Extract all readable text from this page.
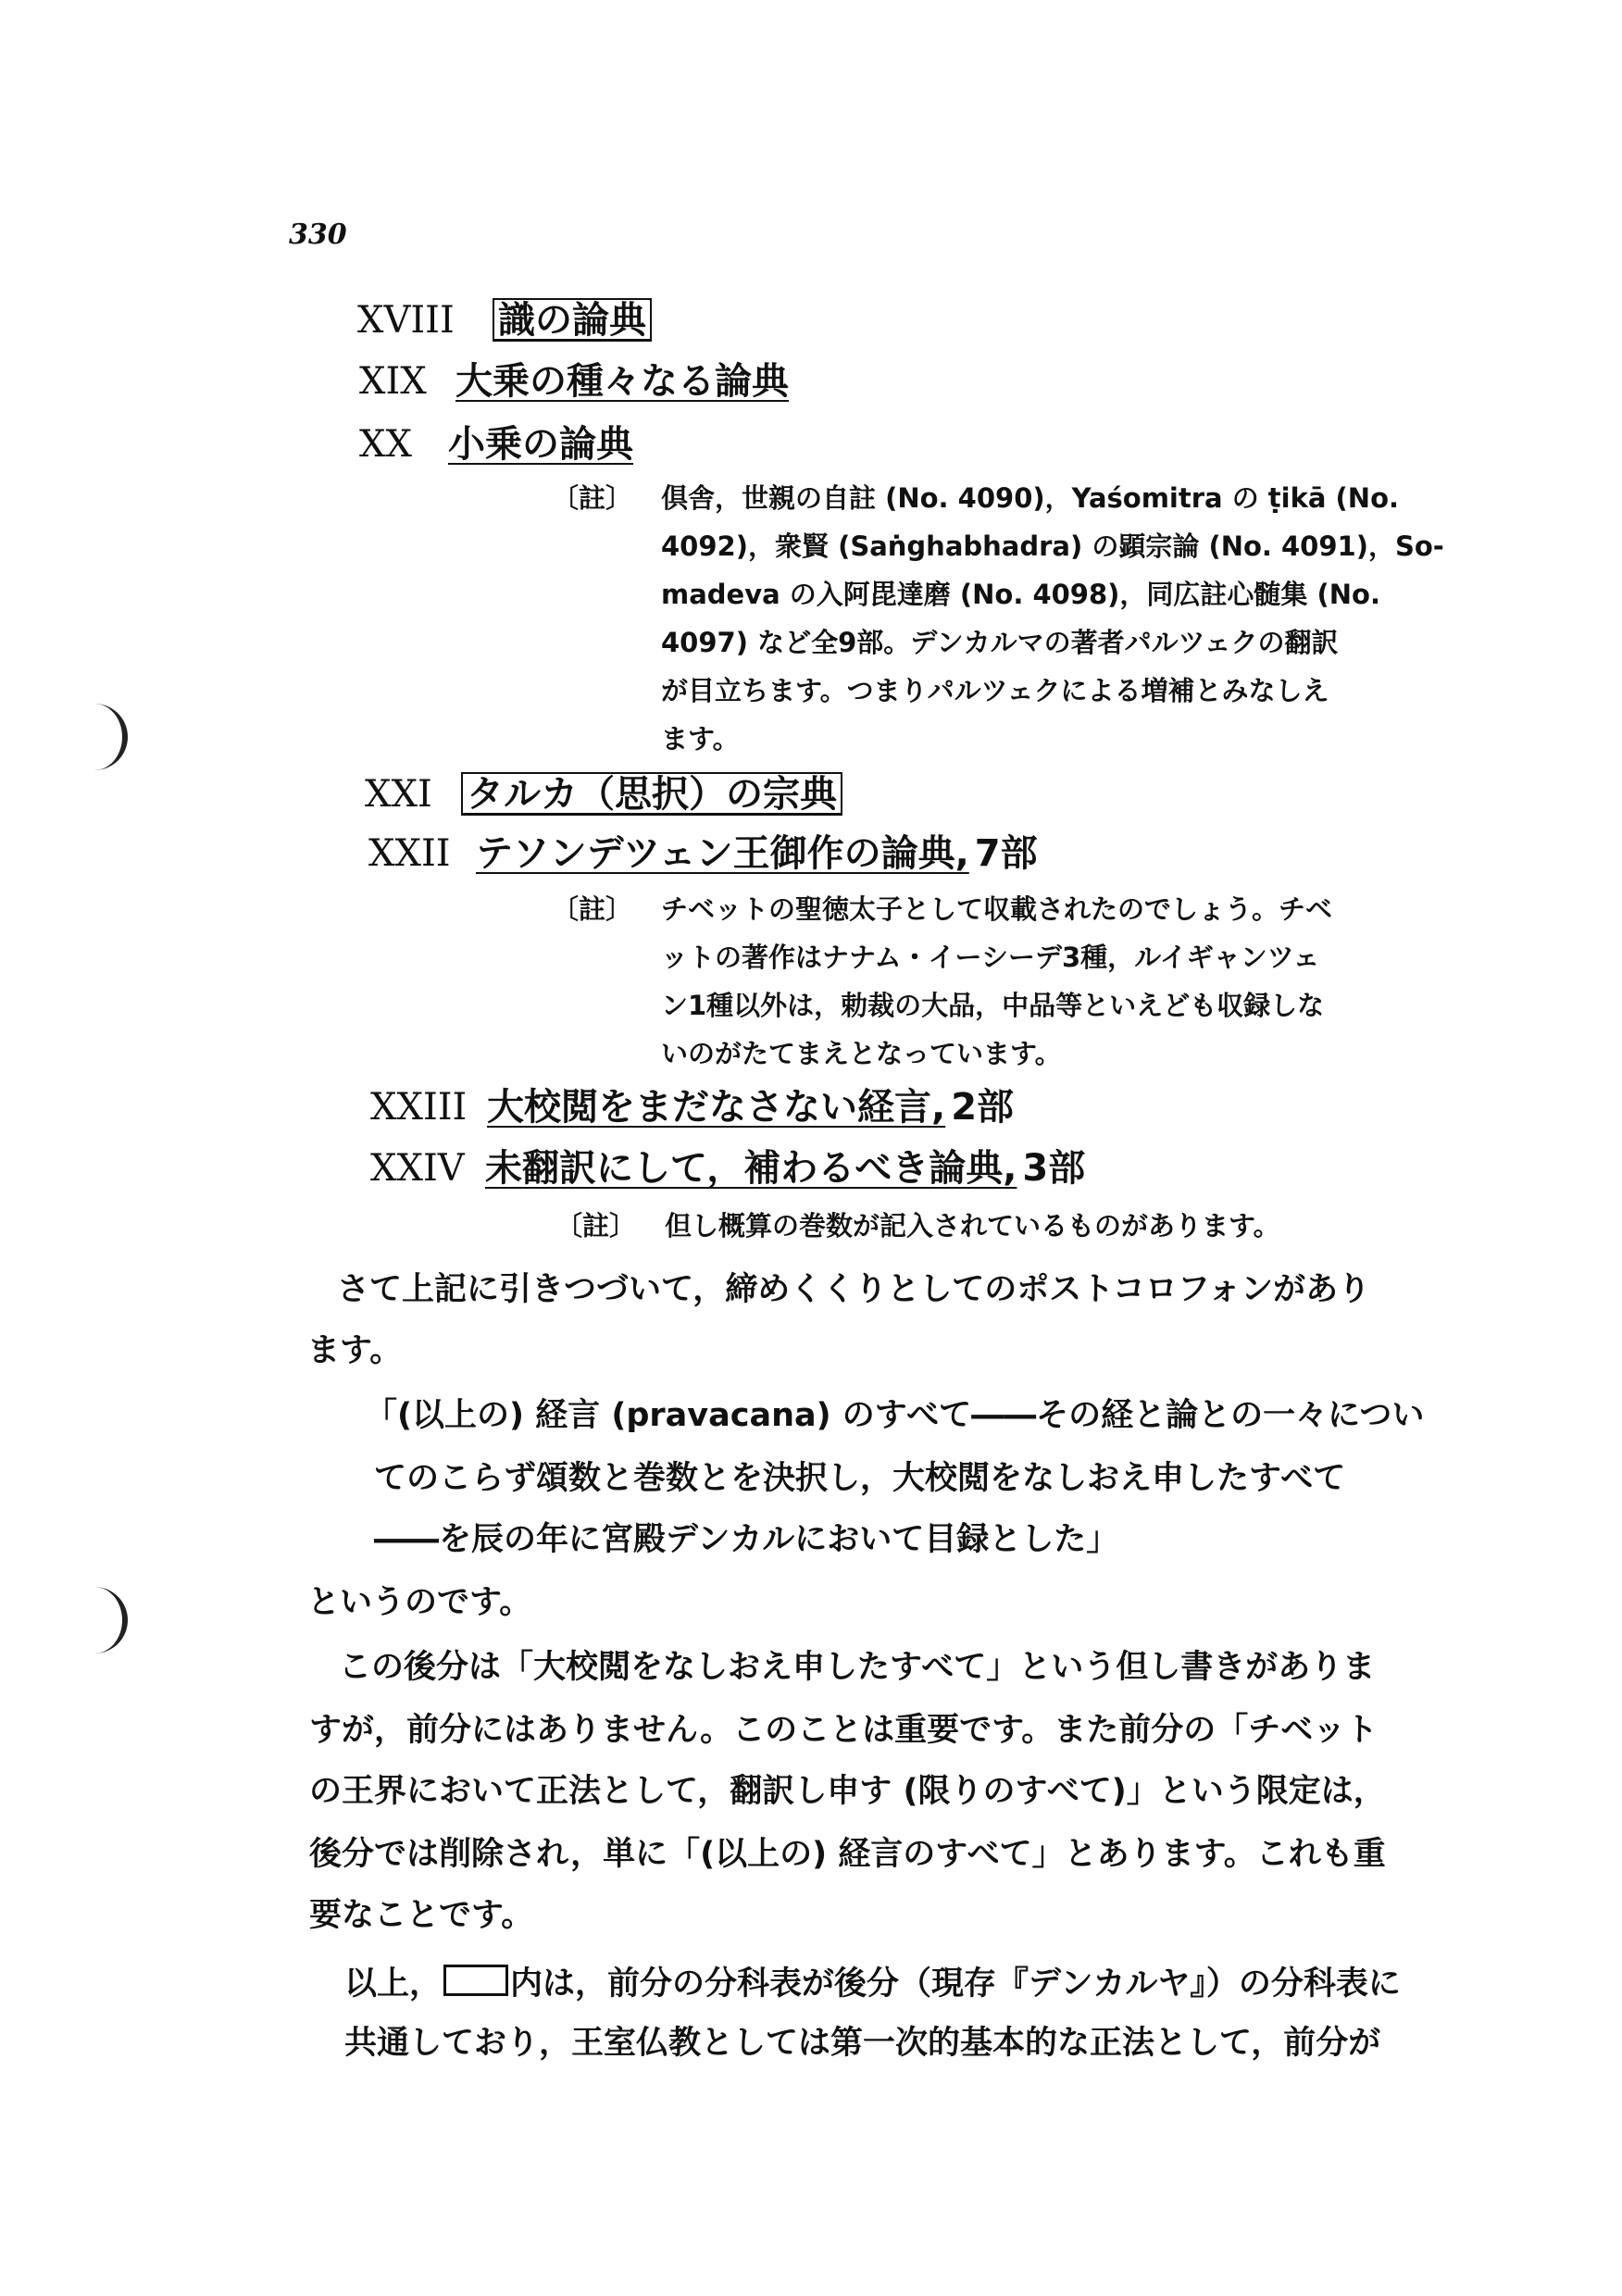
330
XVIII 識の論典
XIX 大乗の種々なる論典
XX 小乗の論典
〔註〕 倶舎，世親の自註 (No. 4090)，Yaśomitra の ṭikā (No.
4092)，衆賢 (Saṅghabhadra) の顕宗論 (No. 4091)，So-
madeva の入阿毘達磨 (No. 4098)，同広註心髄集 (No.
4097) など全9部。デンカルマの著者パルツェクの翻訳
が目立ちます。つまりパルツェクによる増補とみなしえ
ます。
XXI タルカ（思択）の宗典
XXII テソンデツェン王御作の論典, 7部
〔註〕 チベットの聖徳太子として収載されたのでしょう。チベ
ットの著作はナナム・イーシーデ3種，ルイギャンツェ
ン1種以外は，勅裁の大品，中品等といえども収録しな
いのがたてまえとなっています。
XXIII 大校閲をまだなさない経言, 2部
XXIV 未翻訳にして，補わるべき論典, 3部
〔註〕 但し概算の巻数が記入されているものがあります。
さて上記に引きつづいて，締めくくりとしてのポストコロフォンがあり
ます。
「(以上の) 経言 (pravacana) のすべて――その経と論との一々につい
てのこらず頌数と巻数とを決択し，大校閲をなしおえ申したすべて
――を辰の年に宮殿デンカルにおいて目録とした」
というのです。
この後分は「大校閲をなしおえ申したすべて」という但し書きがありま
すが，前分にはありません。このことは重要です。また前分の「チベット
の王界において正法として，翻訳し申す (限りのすべて)」という限定は，
後分では削除され，単に「(以上の) 経言のすべて」とあります。これも重
要なことです。
以上， 内は，前分の分科表が後分（現存『デンカルヤ』）の分科表に
共通しており，王室仏教としては第一次的基本的な正法として，前分が
